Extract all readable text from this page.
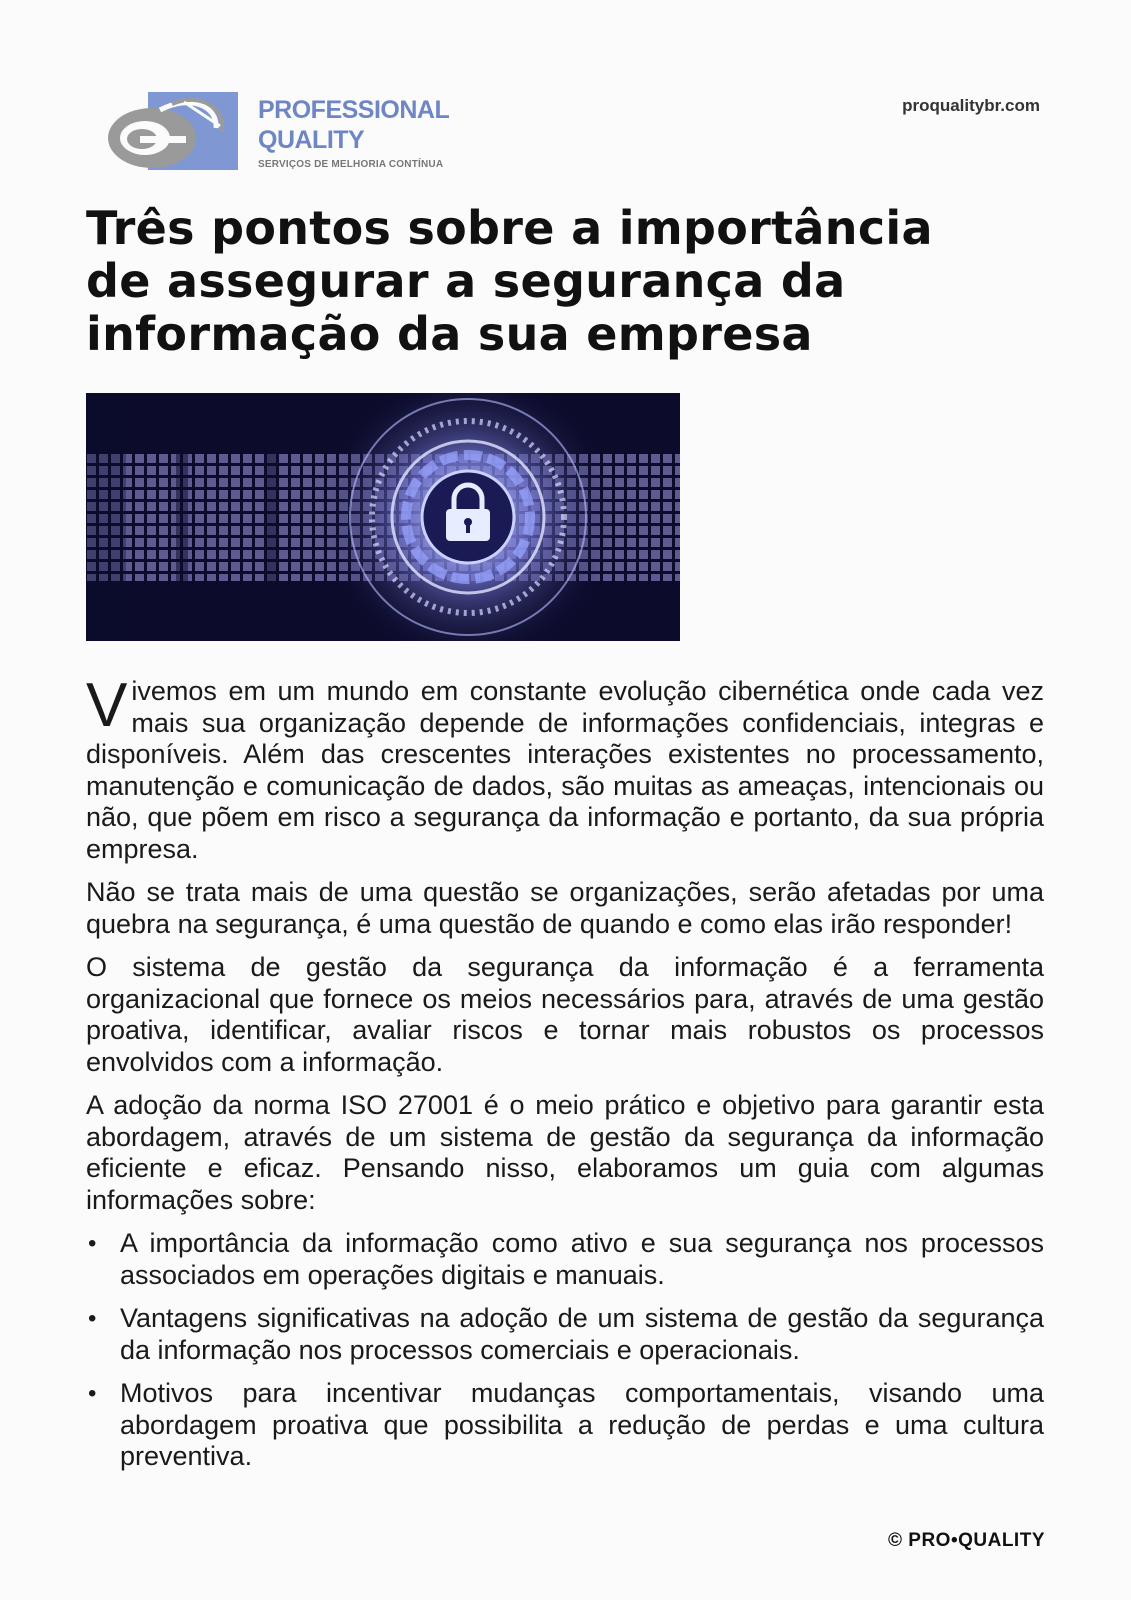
PROFESSIONAL
QUALITY
SERVIÇOS DE MELHORIA CONTÍNUA
proqualitybr.com
Três pontos sobre a importância de assegurar a segurança da informação da sua empresa

Vivemos em um mundo em constante evolução cibernética onde cada vez mais sua organização depende de informações confidenciais, integras e disponíveis. Além das crescentes interações existentes no processamento, manutenção e comunicação de dados, são muitas as ameaças, intencionais ou não, que põem em risco a segurança da informação e portanto, da sua própria empresa.

Não se trata mais de uma questão se organizações, serão afetadas por uma quebra na segurança, é uma questão de quando e como elas irão responder!

O sistema de gestão da segurança da informação é a ferramenta organizacional que fornece os meios necessários para, através de uma gestão proativa, identificar, avaliar riscos e tornar mais robustos os processos envolvidos com a informação.

A adoção da norma ISO 27001 é o meio prático e objetivo para garantir esta abordagem, através de um sistema de gestão da segurança da informação eficiente e eficaz. Pensando nisso, elaboramos um guia com algumas informações sobre:

• A importância da informação como ativo e sua segurança nos processos associados em operações digitais e manuais.
• Vantagens significativas na adoção de um sistema de gestão da segurança da informação nos processos comerciais e operacionais.
• Motivos para incentivar mudanças comportamentais, visando uma abordagem proativa que possibilita a redução de perdas e uma cultura preventiva.
© PRO•QUALITY
